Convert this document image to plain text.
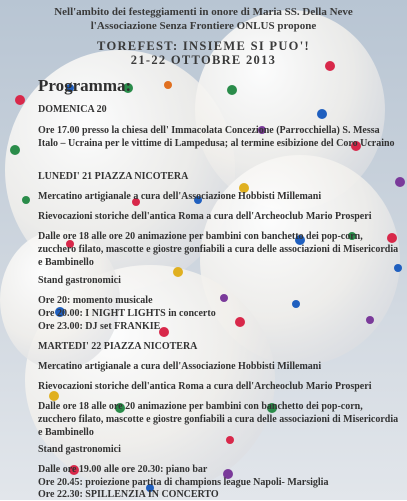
Nell'ambito dei festeggiamenti in onore di Maria SS. Della Neve
l'Associazione Senza Frontiere ONLUS propone
TOREFEST: INSIEME SI PUO'!
21-22 OTTOBRE 2013
Programma:
DOMENICA 20
Ore 17.00 presso la chiesa dell' Immacolata Concezione (Parrocchiella) S. Messa Italo – Ucraina per le vittime di Lampedusa; al termine esibizione del Coro Ucraino
LUNEDI' 21 PIAZZA NICOTERA
Mercatino artigianale a cura dell'Associazione Hobbisti Millemani
Rievocazioni storiche dell'antica Roma a cura dell'Archeoclub Mario Prosperi
Dalle ore 18 alle ore 20 animazione per bambini con banchetto dei pop-corn, zucchero filato, mascotte e giostre gonfiabili a cura delle associazioni di Misericordia e Bambinello
Stand gastronomici
Ore 20: momento musicale
Ore 20.00: I NIGHT LIGHTS in concerto
Ore 23.00: DJ set FRANKIE
MARTEDI' 22 PIAZZA NICOTERA
Mercatino artigianale a cura dell'Associazione Hobbisti Millemani
Rievocazioni storiche dell'antica Roma a cura dell'Archeoclub Mario Prosperi
Dalle ore 18 alle ore 20 animazione per bambini con banchetto dei pop-corn, zucchero filato, mascotte e giostre gonfiabili a cura delle associazioni di Misericordia e Bambinello
Stand gastronomici
Dalle ore 19.00 alle ore 20.30: piano bar
Ore 20.45: proiezione partita di champions league Napoli- Marsiglia
Ore 22.30: SPILLENZIA IN CONCERTO
